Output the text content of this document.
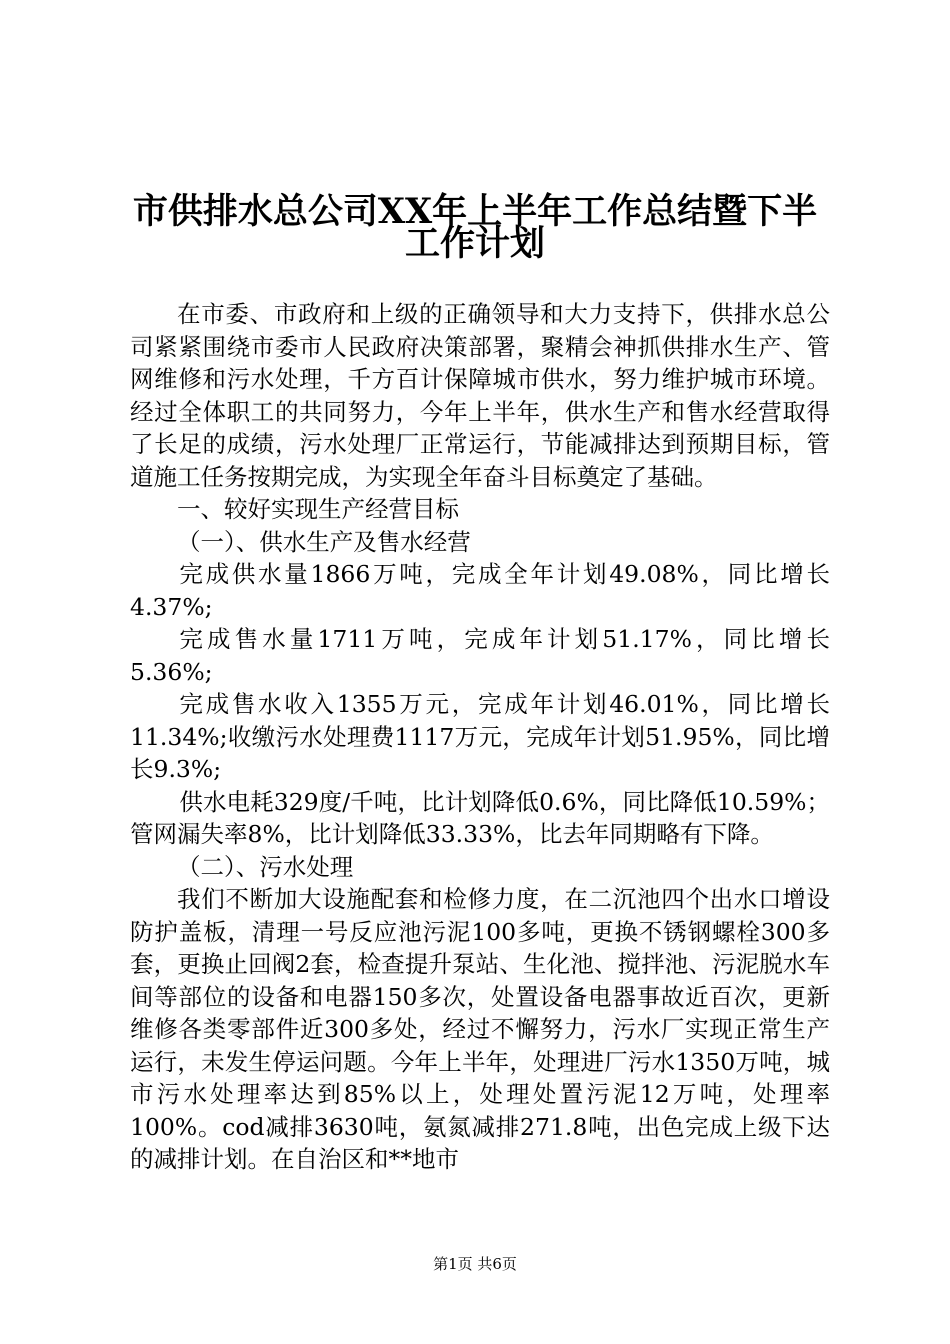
市供排水总公司XX年上半年工作总结暨下半
工作计划

在市委、市政府和上级的正确领导和大力支持下，供排水总公司紧紧围绕市委市人民政府决策部署，聚精会神抓供排水生产、管网维修和污水处理，千方百计保障城市供水，努力维护城市环境。经过全体职工的共同努力，今年上半年，供水生产和售水经营取得了长足的成绩，污水处理厂正常运行，节能减排达到预期目标，管道施工任务按期完成，为实现全年奋斗目标奠定了基础。

一、较好实现生产经营目标

（一）、供水生产及售水经营

完成供水量1866万吨，完成全年计划49.08%，同比增长4.37%;

完成售水量1711万吨，完成年计划51.17%，同比增长5.36%;

完成售水收入1355万元，完成年计划46.01%，同比增长11.34%;收缴污水处理费1117万元，完成年计划51.95%，同比增长9.3%;

供水电耗329度/千吨，比计划降低0.6%，同比降低10.59%；管网漏失率8%，比计划降低33.33%，比去年同期略有下降。

（二）、污水处理

我们不断加大设施配套和检修力度，在二沉池四个出水口增设防护盖板，清理一号反应池污泥100多吨，更换不锈钢螺栓300多套，更换止回阀2套，检查提升泵站、生化池、搅拌池、污泥脱水车间等部位的设备和电器150多次，处置设备电器事故近百次，更新维修各类零部件近300多处，经过不懈努力，污水厂实现正常生产运行，未发生停运问题。今年上半年，处理进厂污水1350万吨，城市污水处理率达到85%以上，处理处置污泥12万吨，处理率100%。cod减排3630吨，氨氮减排271.8吨，出色完成上级下达的减排计划。在自治区和**地市

第1页 共6页
